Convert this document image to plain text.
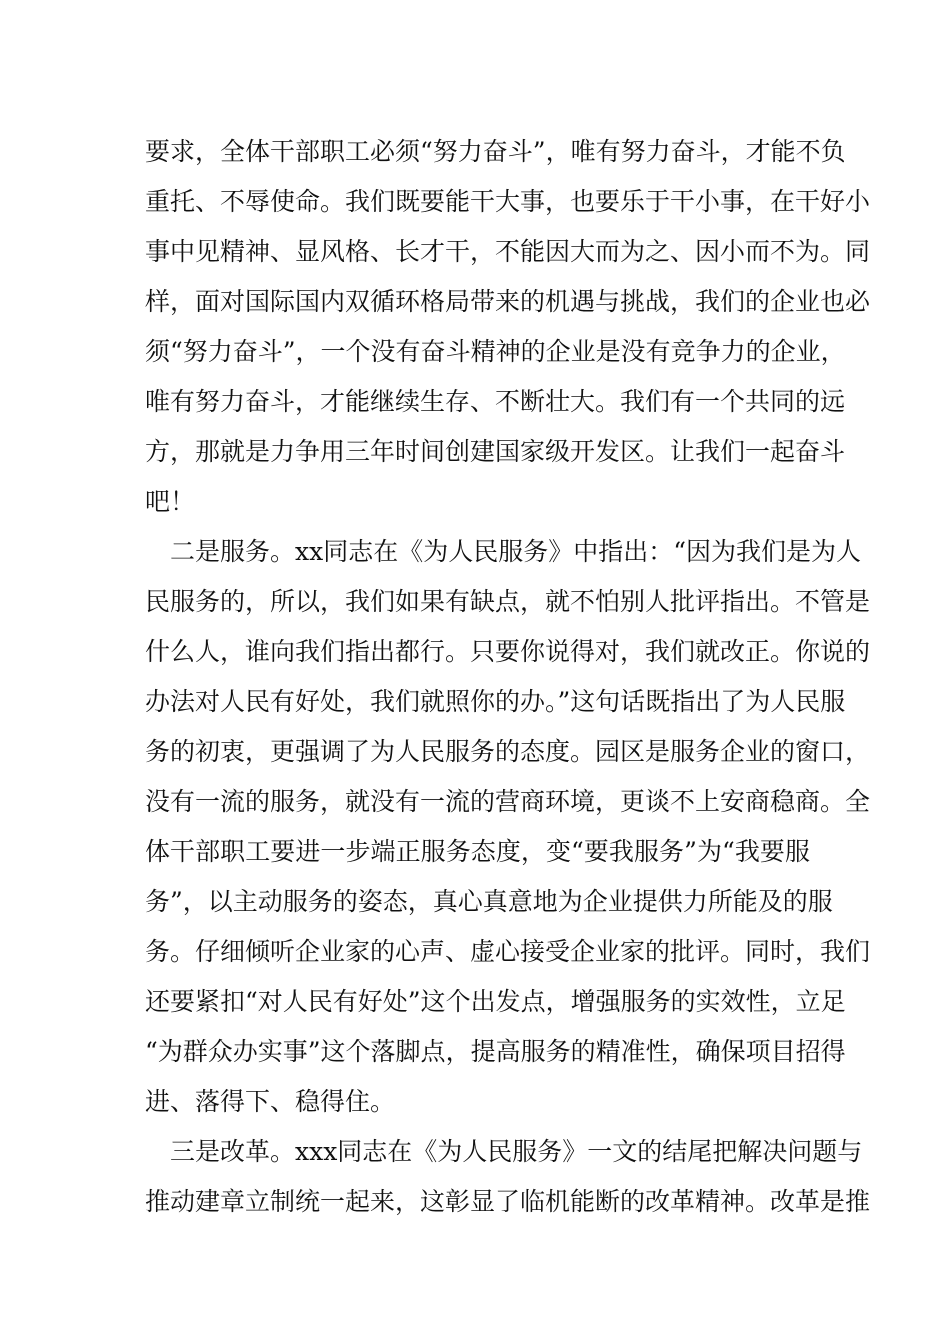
要求，全体干部职工必须“努力奋斗”，唯有努力奋斗，才能不负
重托、不辱使命。我们既要能干大事，也要乐于干小事，在干好小
事中见精神、显风格、长才干，不能因大而为之、因小而不为。同
样，面对国际国内双循环格局带来的机遇与挑战，我们的企业也必
须“努力奋斗”，一个没有奋斗精神的企业是没有竞争力的企业，
唯有努力奋斗，才能继续生存、不断壮大。我们有一个共同的远
方，那就是力争用三年时间创建国家级开发区。让我们一起奋斗
吧！
　二是服务。xx同志在《为人民服务》中指出：“因为我们是为人
民服务的，所以，我们如果有缺点，就不怕别人批评指出。不管是
什么人，谁向我们指出都行。只要你说得对，我们就改正。你说的
办法对人民有好处，我们就照你的办。”这句话既指出了为人民服
务的初衷，更强调了为人民服务的态度。园区是服务企业的窗口，
没有一流的服务，就没有一流的营商环境，更谈不上安商稳商。全
体干部职工要进一步端正服务态度，变“要我服务”为“我要服
务”，以主动服务的姿态，真心真意地为企业提供力所能及的服
务。仔细倾听企业家的心声、虚心接受企业家的批评。同时，我们
还要紧扣“对人民有好处”这个出发点，增强服务的实效性，立足
“为群众办实事”这个落脚点，提高服务的精准性，确保项目招得
进、落得下、稳得住。
　三是改革。xxx同志在《为人民服务》一文的结尾把解决问题与
推动建章立制统一起来，这彰显了临机能断的改革精神。改革是推
